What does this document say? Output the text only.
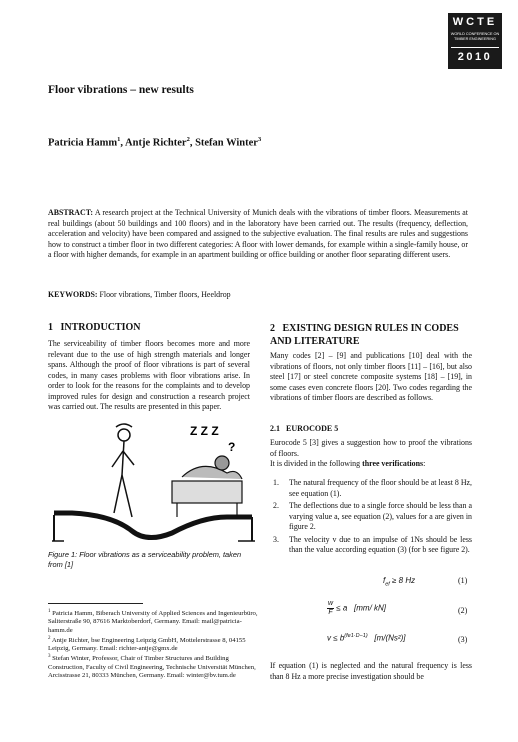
WCTE
WORLD CONFERENCE ON TIMBER ENGINEERING
2010
Floor vibrations – new results
Patricia Hamm$^1$, Antje Richter$^2$, Stefan Winter$^3$
ABSTRACT: A research project at the Technical University of Munich deals with the vibrations of timber floors. Measurements at real buildings (about 50 buildings and 100 floors) and in the laboratory have been carried out. The results (frequency, deflection, acceleration and velocity) have been compared and assigned to the subjective evaluation. The final results are rules and suggestions how to construct a timber floor in two different categories: A floor with lower demands, for example within a single-family house, or a floor with higher demands, for example in an apartment building or office building or another floor separating different users.
KEYWORDS: Floor vibrations, Timber floors, Heeldrop
1 INTRODUCTION
The serviceability of timber floors becomes more and more relevant due to the use of high strength materials and longer spans. Although the proof of floor vibrations is part of several codes, in many cases problems with floor vibrations arise. In order to look for the reasons for the complaints and to develop improved rules for design and construction a research project was carried out. The results are presented in this paper.
Z Z Z
?
Figure 1: Floor vibrations as a serviceability problem, taken from [1]
$^1$ Patricia Hamm, Biberach University of Applied Sciences and Ingenieurbüro, Saliterstraße 90, 87616 Marktoberdorf, Germany. Email: mail@patricia-hamm.de
$^2$ Antje Richter, bse Engineering Leipzig GmbH, Mottelerstrasse 8, 04155 Leipzig, Germany. Email: richter-antje@gmx.de
$^3$ Stefan Winter, Professor, Chair of Timber Structures and Building Construction, Faculty of Civil Engineering, Technische Universität München, Arcisstrasse 21, 80333 München, Germany. Email: winter@bv.tum.de
2 EXISTING DESIGN RULES IN CODES AND LITERATURE
Many codes [2] – [9] and publications [10] deal with the vibrations of floors, not only timber floors [11] – [16], but also steel [17] or steel concrete composite systems [18] – [19], in some cases even concrete floors [20]. Two codes regarding the vibrations of timber floors are described as follows.
2.1 EUROCODE 5
Eurocode 5 [3] gives a suggestion how to proof the vibrations of floors.
It is divided in the following three verifications:
1. The natural frequency of the floor should be at least 8 Hz, see equation (1).
2. The deflections due to a single force should be less than a varying value a, see equation (2), values for a are given in figure 2.
3. The velocity v due to an impulse of 1Ns should be less than the value according equation (3) (for b see figure 2).
$f_{ef} \ge 8$ Hz	(1)
$\frac{w}{F} \le a$ [mm/ kN]	(2)
$v \le b^{(fe1\cdot D-1)}$ [m/(Ns²)]	(3)
If equation (1) is neglected and the natural frequency is less than 8 Hz a more precise investigation should be
